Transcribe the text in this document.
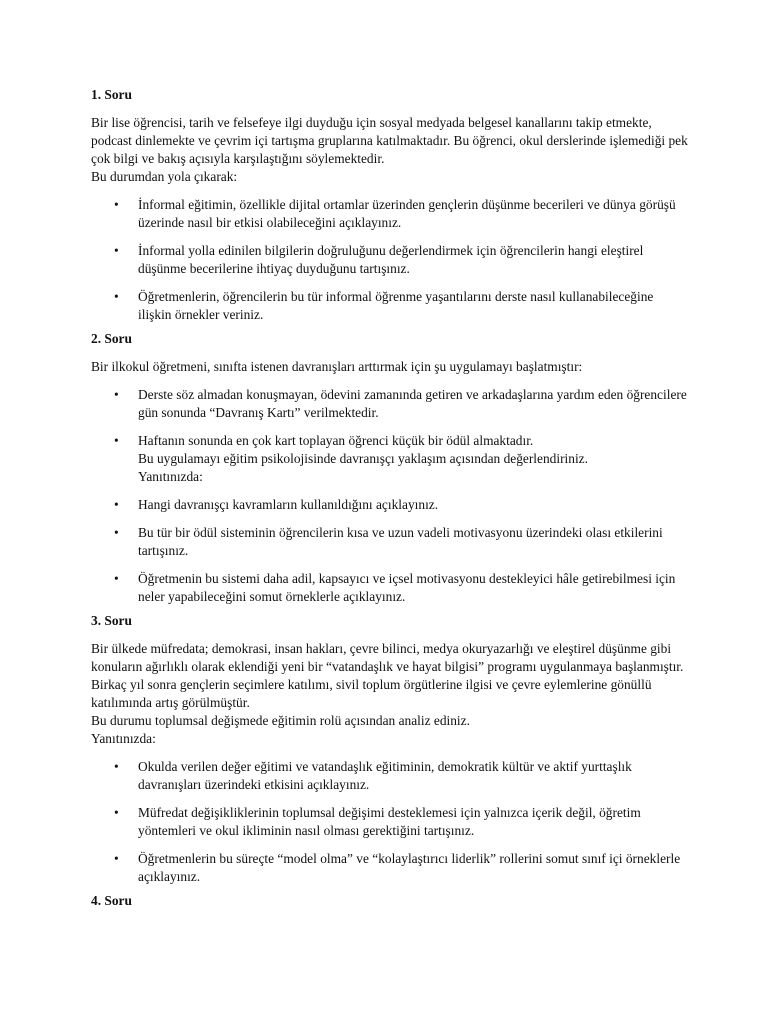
1. Soru

Bir lise öğrencisi, tarih ve felsefeye ilgi duyduğu için sosyal medyada belgesel kanallarını takip etmekte, podcast dinlemekte ve çevrim içi tartışma gruplarına katılmaktadır. Bu öğrenci, okul derslerinde işlemediği pek çok bilgi ve bakış açısıyla karşılaştığını söylemektedir.
Bu durumdan yola çıkarak:

• İnformal eğitimin, özellikle dijital ortamlar üzerinden gençlerin düşünme becerileri ve dünya görüşü üzerinde nasıl bir etkisi olabileceğini açıklayınız.
• İnformal yolla edinilen bilgilerin doğruluğunu değerlendirmek için öğrencilerin hangi eleştirel düşünme becerilerine ihtiyaç duyduğunu tartışınız.
• Öğretmenlerin, öğrencilerin bu tür informal öğrenme yaşantılarını derste nasıl kullanabileceğine ilişkin örnekler veriniz.

2. Soru

Bir ilkokul öğretmeni, sınıfta istenen davranışları arttırmak için şu uygulamayı başlatmıştır:

• Derste söz almadan konuşmayan, ödevini zamanında getiren ve arkadaşlarına yardım eden öğrencilere gün sonunda “Davranış Kartı” verilmektedir.
• Haftanın sonunda en çok kart toplayan öğrenci küçük bir ödül almaktadır.
Bu uygulamayı eğitim psikolojisinde davranışçı yaklaşım açısından değerlendiriniz.
Yanıtınızda:
• Hangi davranışçı kavramların kullanıldığını açıklayınız.
• Bu tür bir ödül sisteminin öğrencilerin kısa ve uzun vadeli motivasyonu üzerindeki olası etkilerini tartışınız.
• Öğretmenin bu sistemi daha adil, kapsayıcı ve içsel motivasyonu destekleyici hâle getirebilmesi için neler yapabileceğini somut örneklerle açıklayınız.

3. Soru

Bir ülkede müfredata; demokrasi, insan hakları, çevre bilinci, medya okuryazarlığı ve eleştirel düşünme gibi konuların ağırlıklı olarak eklendiği yeni bir “vatandaşlık ve hayat bilgisi” programı uygulanmaya başlanmıştır. Birkaç yıl sonra gençlerin seçimlere katılımı, sivil toplum örgütlerine ilgisi ve çevre eylemlerine gönüllü katılımında artış görülmüştür.
Bu durumu toplumsal değişmede eğitimin rolü açısından analiz ediniz.
Yanıtınızda:

• Okulda verilen değer eğitimi ve vatandaşlık eğitiminin, demokratik kültür ve aktif yurttaşlık davranışları üzerindeki etkisini açıklayınız.
• Müfredat değişikliklerinin toplumsal değişimi desteklemesi için yalnızca içerik değil, öğretim yöntemleri ve okul ikliminin nasıl olması gerektiğini tartışınız.
• Öğretmenlerin bu süreçte “model olma” ve “kolaylaştırıcı liderlik” rollerini somut sınıf içi örneklerle açıklayınız.

4. Soru
